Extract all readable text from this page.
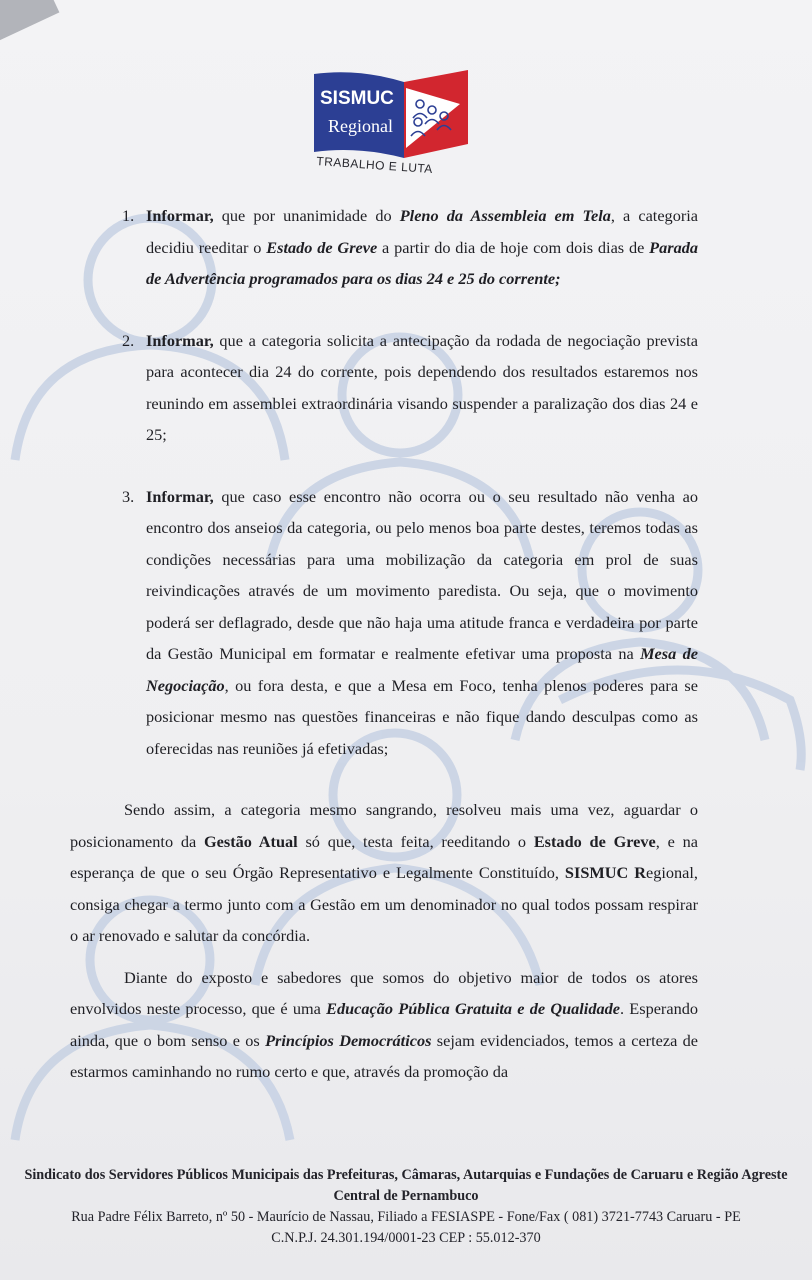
SISMUC
Regional
TRABALHO E LUTA
1. Informar, que por unanimidade do Pleno da Assembleia em Tela, a categoria decidiu reeditar o Estado de Greve a partir do dia de hoje com dois dias de Parada de Advertência programados para os dias 24 e 25 do corrente;

2. Informar, que a categoria solicita a antecipação da rodada de negociação prevista para acontecer dia 24 do corrente, pois dependendo dos resultados estaremos nos reunindo em assemblei extraordinária visando suspender a paralização dos dias 24 e 25;

3. Informar, que caso esse encontro não ocorra ou o seu resultado não venha ao encontro dos anseios da categoria, ou pelo menos boa parte destes, teremos todas as condições necessárias para uma mobilização da categoria em prol de suas reivindicações através de um movimento paredista. Ou seja, que o movimento poderá ser deflagrado, desde que não haja uma atitude franca e verdadeira por parte da Gestão Municipal em formatar e realmente efetivar uma proposta na Mesa de Negociação, ou fora desta, e que a Mesa em Foco, tenha plenos poderes para se posicionar mesmo nas questões financeiras e não fique dando desculpas como as oferecidas nas reuniões já efetivadas;

Sendo assim, a categoria mesmo sangrando, resolveu mais uma vez, aguardar o posicionamento da Gestão Atual só que, testa feita, reeditando o Estado de Greve, e na esperança de que o seu Órgão Representativo e Legalmente Constituído, SISMUC Regional, consiga chegar a termo junto com a Gestão em um denominador no qual todos possam respirar o ar renovado e salutar da concórdia.

Diante do exposto e sabedores que somos do objetivo maior de todos os atores envolvidos neste processo, que é uma Educação Pública Gratuita e de Qualidade. Esperando ainda, que o bom senso e os Princípios Democráticos sejam evidenciados, temos a certeza de estarmos caminhando no rumo certo e que, através da promoção da

Sindicato dos Servidores Públicos Municipais das Prefeituras, Câmaras, Autarquias e Fundações de Caruaru e Região Agreste
Central de Pernambuco
Rua Padre Félix Barreto, nº 50 - Maurício de Nassau, Filiado a FESIASPE - Fone/Fax ( 081) 3721-7743 Caruaru - PE
C.N.P.J. 24.301.194/0001-23 CEP : 55.012-370
